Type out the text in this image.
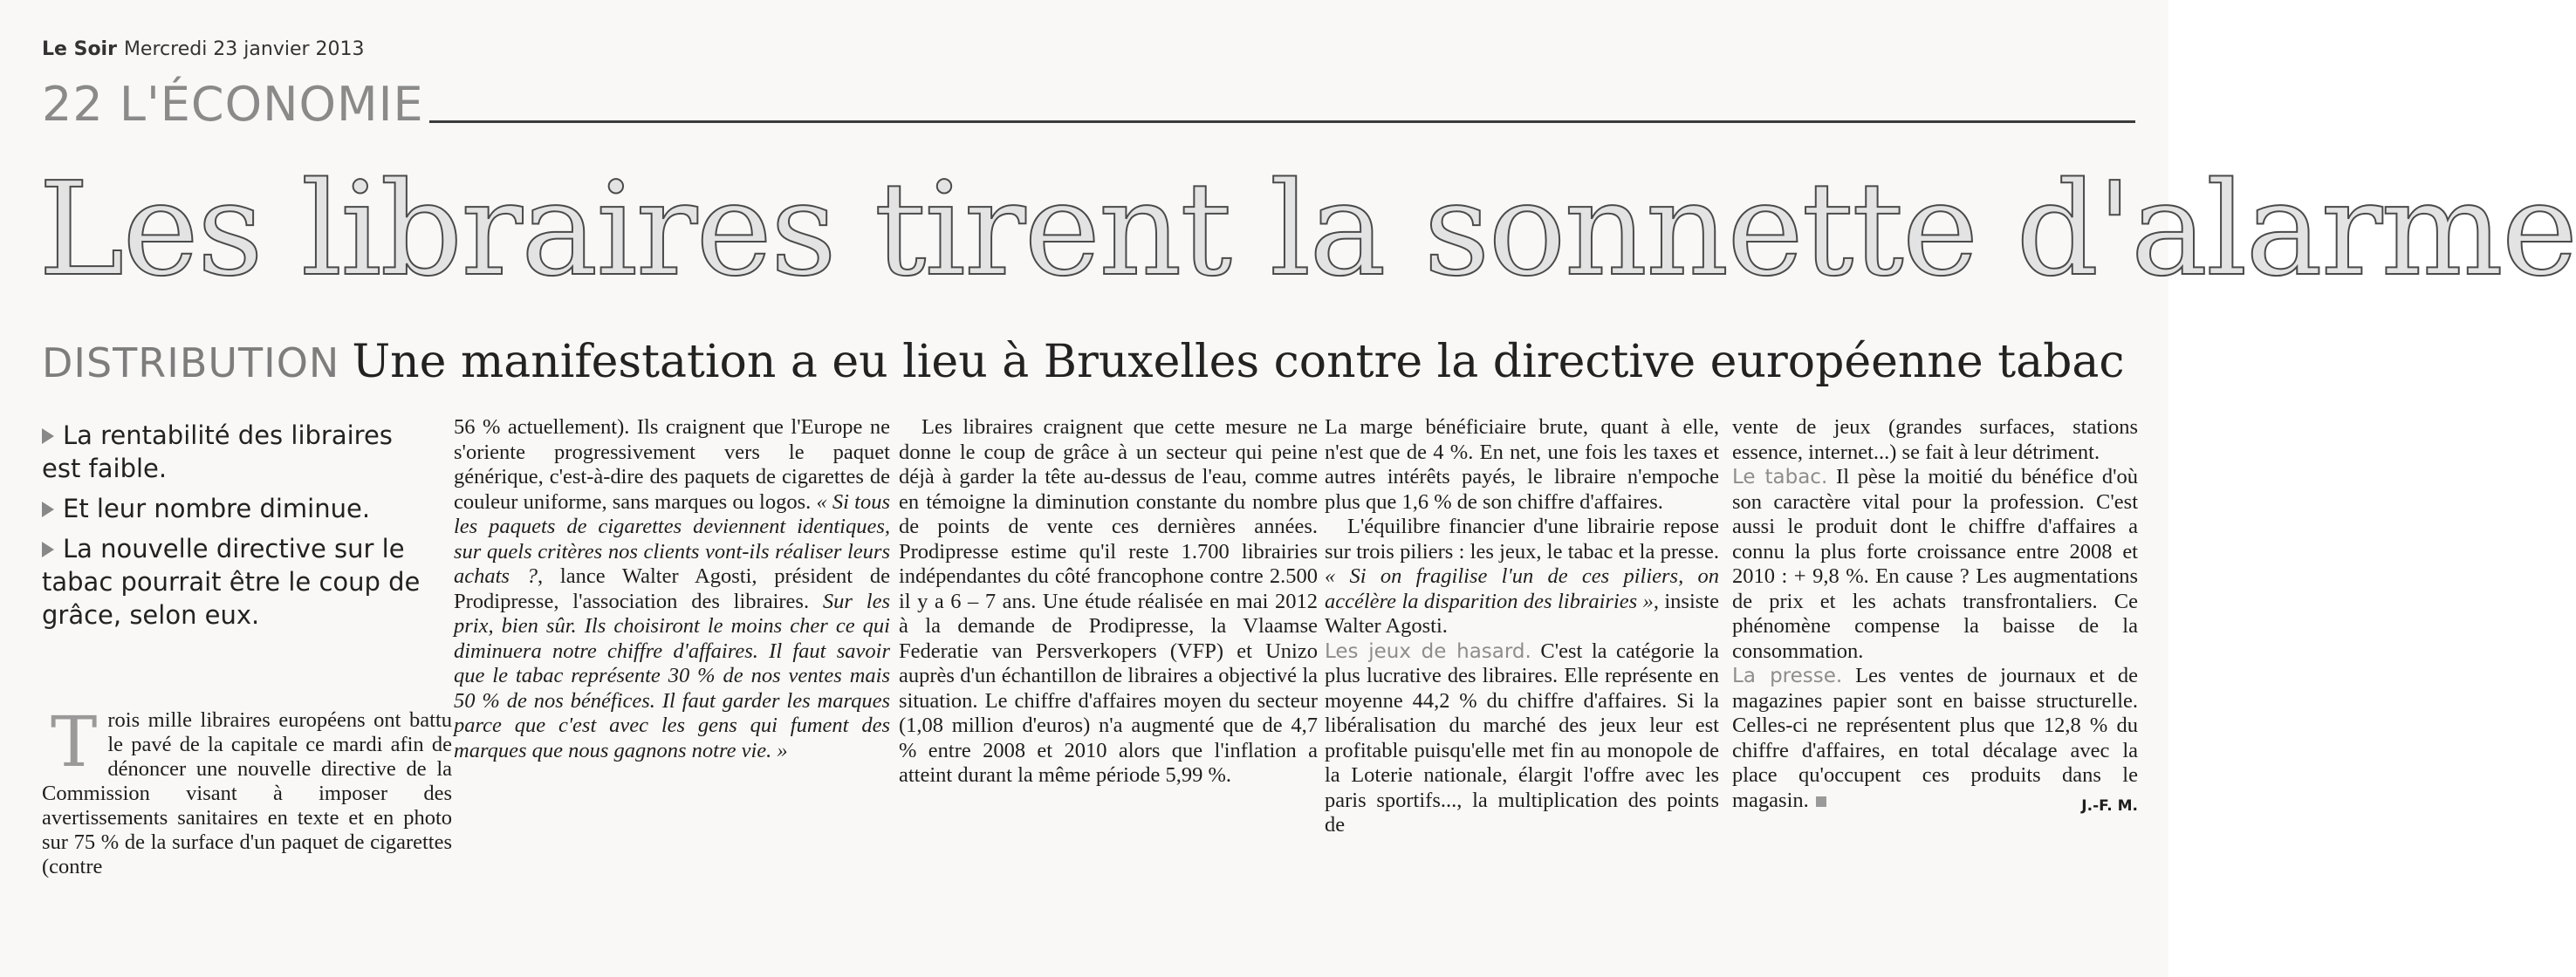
Le Soir Mercredi 23 janvier 2013
22 L'ÉCONOMIE
Les libraires tirent la sonnette d'alarme
DISTRIBUTION Une manifestation a eu lieu à Bruxelles contre la directive européenne tabac
La rentabilité des libraires est faible.
Et leur nombre diminue.
La nouvelle directive sur le tabac pourrait être le coup de grâce, selon eux.
Trois mille libraires européens ont battu le pavé de la capitale ce mardi afin de dénoncer une nouvelle directive de la Commission visant à imposer des avertissements sanitaires en texte et en photo sur 75 % de la surface d'un paquet de cigarettes (contre

56 % actuellement). Ils craignent que l'Europe ne s'oriente progressivement vers le paquet générique, c'est-à-dire des paquets de cigarettes de couleur uniforme, sans marques ou logos. « Si tous les paquets de cigarettes deviennent identiques, sur quels critères nos clients vont-ils réaliser leurs achats ?, lance Walter Agosti, président de Prodipresse, l'association des libraires. Sur les prix, bien sûr. Ils choisiront le moins cher ce qui diminuera notre chiffre d'affaires. Il faut savoir que le tabac représente 30 % de nos ventes mais 50 % de nos bénéfices. Il faut garder les marques parce que c'est avec les gens qui fument des marques que nous gagnons notre vie. »

Les libraires craignent que cette mesure ne donne le coup de grâce à un secteur qui peine déjà à garder la tête au-dessus de l'eau, comme en témoigne la diminution constante du nombre de points de vente ces dernières années. Prodipresse estime qu'il reste 1.700 librairies indépendantes du côté francophone contre 2.500 il y a 6 – 7 ans. Une étude réalisée en mai 2012 à la demande de Prodipresse, la Vlaamse Federatie van Persverkopers (VFP) et Unizo auprès d'un échantillon de libraires a objectivé la situation. Le chiffre d'affaires moyen du secteur (1,08 million d'euros) n'a augmenté que de 4,7 % entre 2008 et 2010 alors que l'inflation a atteint durant la même période 5,99 %.

La marge bénéficiaire brute, quant à elle, n'est que de 4 %. En net, une fois les taxes et autres intérêts payés, le libraire n'empoche plus que 1,6 % de son chiffre d'affaires.

L'équilibre financier d'une librairie repose sur trois piliers : les jeux, le tabac et la presse. « Si on fragilise l'un de ces piliers, on accélère la disparition des librairies », insiste Walter Agosti.

Les jeux de hasard. C'est la catégorie la plus lucrative des libraires. Elle représente en moyenne 44,2 % du chiffre d'affaires. Si la libéralisation du marché des jeux leur est profitable puisqu'elle met fin au monopole de la Loterie nationale, élargit l'offre avec les paris sportifs..., la multiplication des points de

vente de jeux (grandes surfaces, stations essence, internet...) se fait à leur détriment.

Le tabac. Il pèse la moitié du bénéfice d'où son caractère vital pour la profession. C'est aussi le produit dont le chiffre d'affaires a connu la plus forte croissance entre 2008 et 2010 : + 9,8 %. En cause ? Les augmentations de prix et les achats transfrontaliers. Ce phénomène compense la baisse de la consommation.

La presse. Les ventes de journaux et de magazines papier sont en baisse structurelle. Celles-ci ne représentent plus que 12,8 % du chiffre d'affaires, en total décalage avec la place qu'occupent ces produits dans le magasin.	J.-F. M.
